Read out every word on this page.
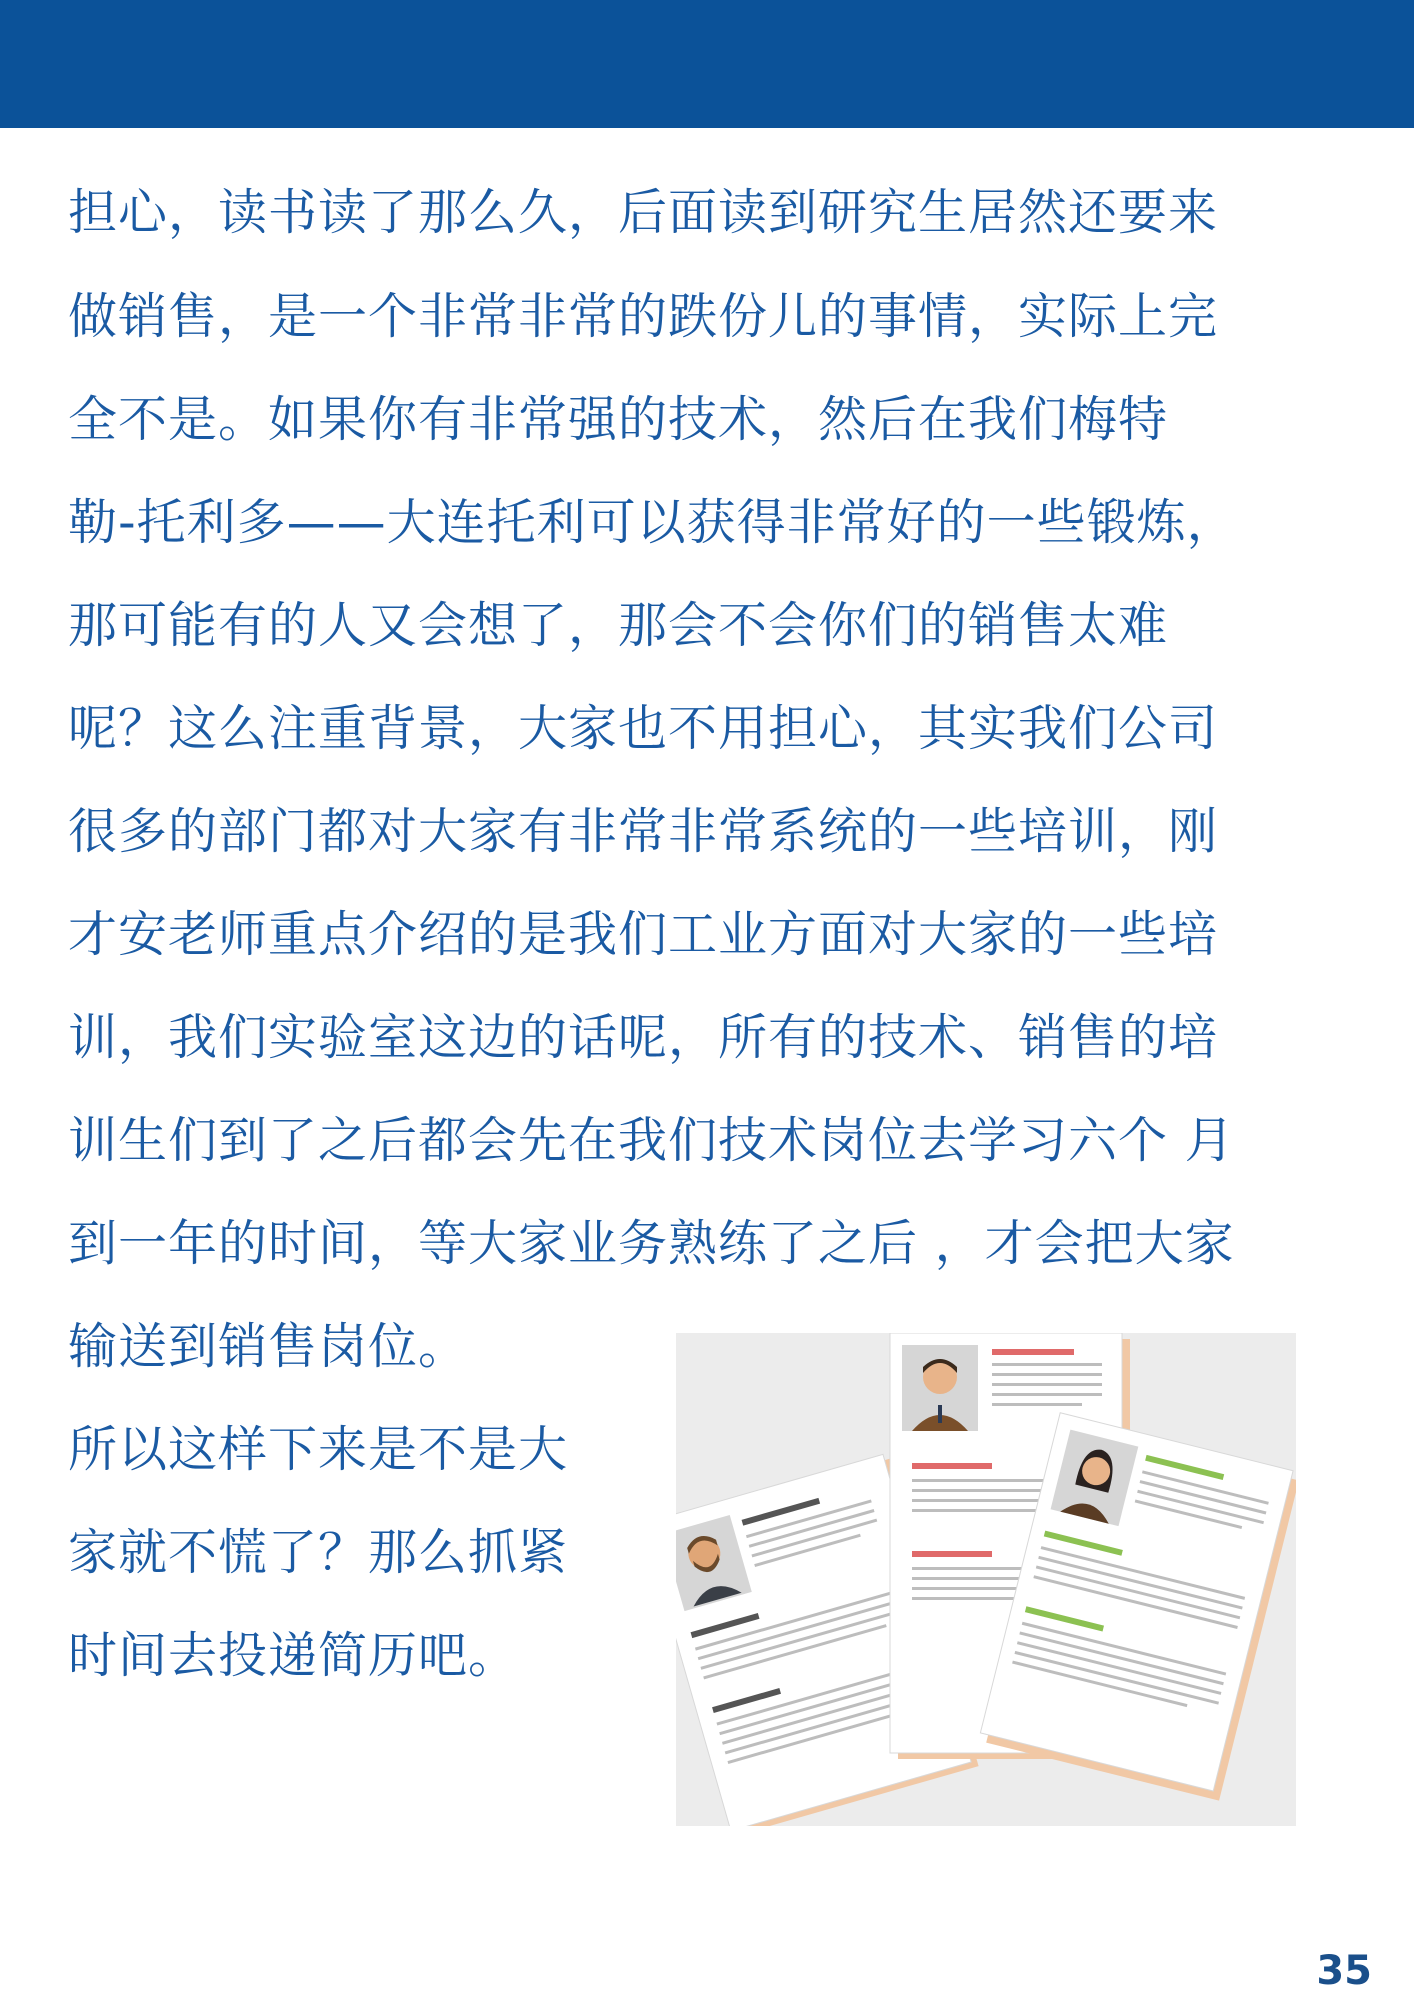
担心，读书读了那么久，后面读到研究生居然还要来
做销售，是一个非常非常的跌份儿的事情，实际上完
全不是。如果你有非常强的技术，然后在我们梅特
勒-托利多——大连托利可以获得非常好的一些锻炼，
那可能有的人又会想了，那会不会你们的销售太难
呢？这么注重背景，大家也不用担心，其实我们公司
很多的部门都对大家有非常非常系统的一些培训，刚
才安老师重点介绍的是我们工业方面对大家的一些培
训，我们实验室这边的话呢，所有的技术、销售的培
训生们到了之后都会先在我们技术岗位去学习六个 月
到一年的时间，等大家业务熟练了之后 ，才会把大家
输送到销售岗位。
所以这样下来是不是大
家就不慌了？那么抓紧
时间去投递简历吧。
35
